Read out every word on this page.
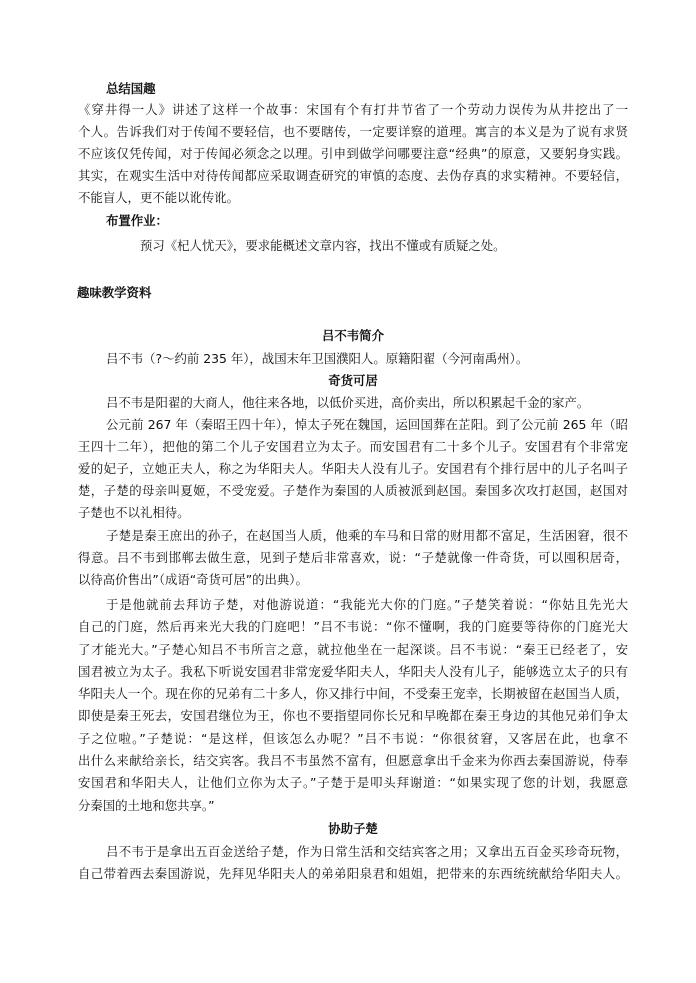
总结国趣
《穿井得一人》讲述了这样一个故事：宋国有个有打井节省了一个劳动力误传为从井挖出了一
个人。告诉我们对于传闻不要轻信，也不要瞎传，一定要详察的道理。寓言的本义是为了说有求贤
不应该仅凭传闻，对于传闻必须念之以理。引申到做学问哪要注意“经典”的原意，又要躬身实践。
其实，在观实生活中对待传闻都应采取调查研究的审慎的态度、去伪存真的求实精神。不要轻信，
不能盲人，更不能以讹传讹。
布置作业：
预习《杞人忧天》，要求能概述文章内容，找出不懂或有质疑之处。
趣味教学资料
吕不韦简介
吕不韦（?～约前 235 年），战国末年卫国濮阳人。原籍阳翟（今河南禹州）。
奇货可居
吕不韦是阳翟的大商人，他往来各地，以低价买进，高价卖出，所以积累起千金的家产。
公元前 267 年（秦昭王四十年），悼太子死在魏国，运回国葬在芷阳。到了公元前 265 年（昭
王四十二年），把他的第二个儿子安国君立为太子。而安国君有二十多个儿子。安国君有个非常宠
爱的妃子，立她正夫人，称之为华阳夫人。华阳夫人没有儿子。安国君有个排行居中的儿子名叫子
楚，子楚的母亲叫夏姬，不受宠爱。子楚作为秦国的人质被派到赵国。秦国多次攻打赵国，赵国对
子楚也不以礼相待。
子楚是秦王庶出的孙子，在赵国当人质，他乘的车马和日常的财用都不富足，生活困窘，很不
得意。吕不韦到邯郸去做生意，见到子楚后非常喜欢，说：“子楚就像一件奇货，可以囤积居奇，
以待高价售出”（成语“奇货可居”的出典）。
于是他就前去拜访子楚，对他游说道：“我能光大你的门庭。”子楚笑着说：“你姑且先光大
自己的门庭，然后再来光大我的门庭吧！”吕不韦说：“你不懂啊，我的门庭要等待你的门庭光大
了才能光大。”子楚心知吕不韦所言之意，就拉他坐在一起深谈。吕不韦说：“秦王已经老了，安
国君被立为太子。我私下听说安国君非常宠爱华阳夫人，华阳夫人没有儿子，能够选立太子的只有
华阳夫人一个。现在你的兄弟有二十多人，你又排行中间，不受秦王宠幸，长期被留在赵国当人质，
即使是秦王死去，安国君继位为王，你也不要指望同你长兄和早晚都在秦王身边的其他兄弟们争太
子之位啦。”子楚说：“是这样，但该怎么办呢？”吕不韦说：“你很贫窘，又客居在此，也拿不
出什么来献给亲长，结交宾客。我吕不韦虽然不富有，但愿意拿出千金来为你西去秦国游说，侍奉
安国君和华阳夫人，让他们立你为太子。”子楚于是叩头拜谢道：“如果实现了您的计划，我愿意
分秦国的土地和您共享。”
协助子楚
吕不韦于是拿出五百金送给子楚，作为日常生活和交结宾客之用；又拿出五百金买珍奇玩物，
自己带着西去秦国游说，先拜见华阳夫人的弟弟阳泉君和姐姐，把带来的东西统统献给华阳夫人。
